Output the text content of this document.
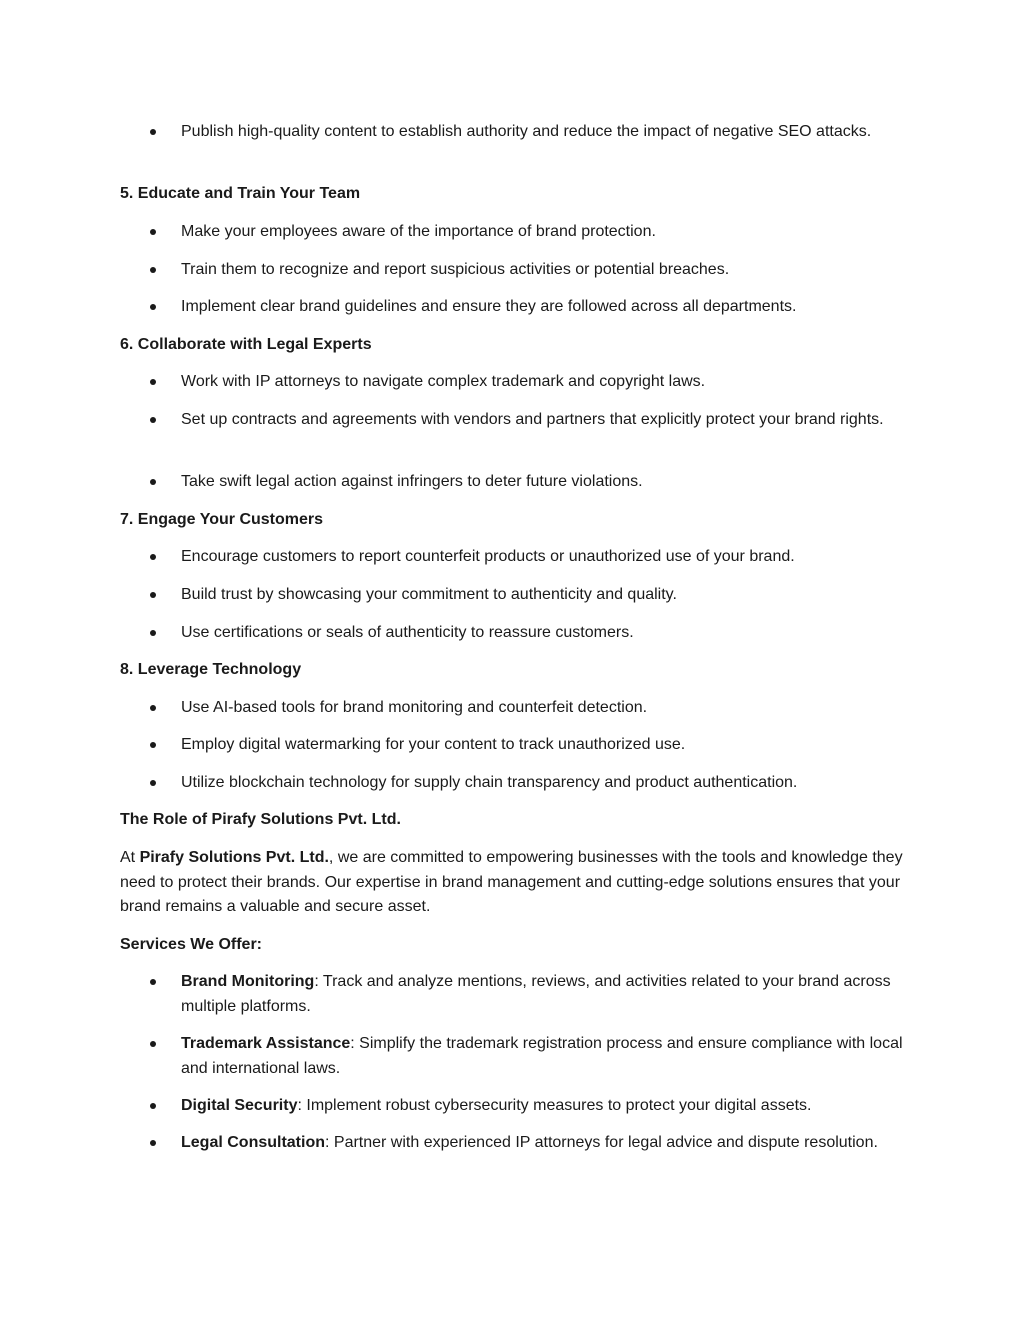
Publish high-quality content to establish authority and reduce the impact of negative SEO attacks.
5. Educate and Train Your Team
Make your employees aware of the importance of brand protection.
Train them to recognize and report suspicious activities or potential breaches.
Implement clear brand guidelines and ensure they are followed across all departments.
6. Collaborate with Legal Experts
Work with IP attorneys to navigate complex trademark and copyright laws.
Set up contracts and agreements with vendors and partners that explicitly protect your brand rights.
Take swift legal action against infringers to deter future violations.
7. Engage Your Customers
Encourage customers to report counterfeit products or unauthorized use of your brand.
Build trust by showcasing your commitment to authenticity and quality.
Use certifications or seals of authenticity to reassure customers.
8. Leverage Technology
Use AI-based tools for brand monitoring and counterfeit detection.
Employ digital watermarking for your content to track unauthorized use.
Utilize blockchain technology for supply chain transparency and product authentication.
The Role of Pirafy Solutions Pvt. Ltd.
At Pirafy Solutions Pvt. Ltd., we are committed to empowering businesses with the tools and knowledge they need to protect their brands. Our expertise in brand management and cutting-edge solutions ensures that your brand remains a valuable and secure asset.
Services We Offer:
Brand Monitoring: Track and analyze mentions, reviews, and activities related to your brand across multiple platforms.
Trademark Assistance: Simplify the trademark registration process and ensure compliance with local and international laws.
Digital Security: Implement robust cybersecurity measures to protect your digital assets.
Legal Consultation: Partner with experienced IP attorneys for legal advice and dispute resolution.
